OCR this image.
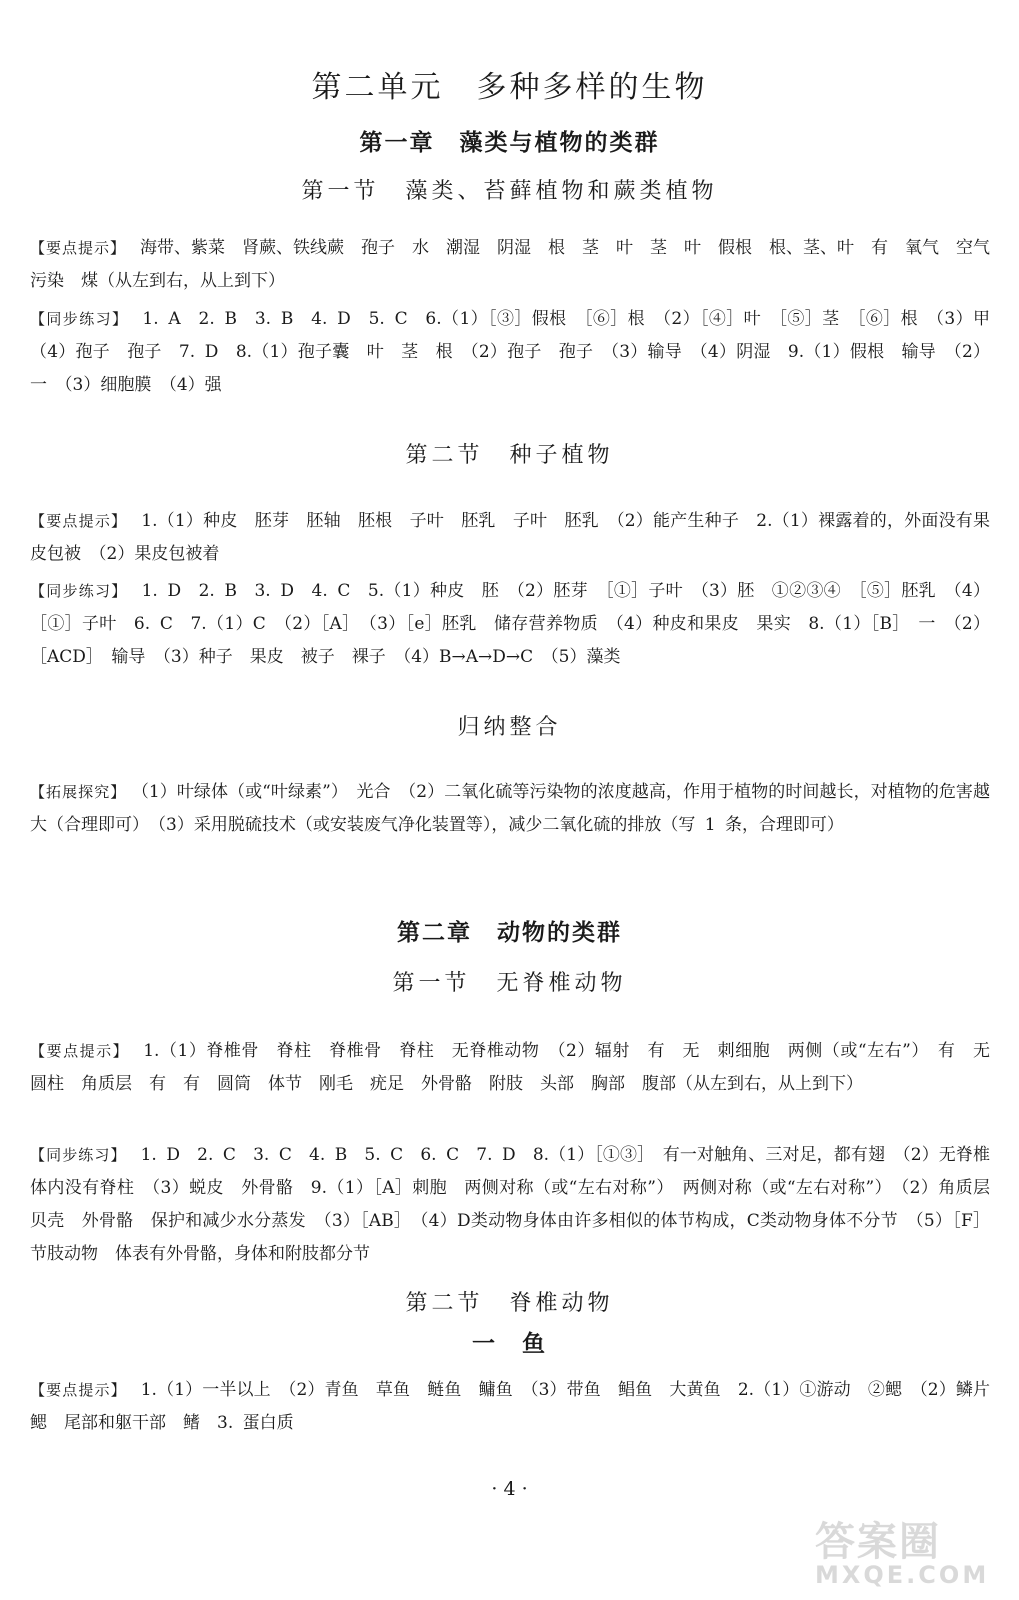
第二单元　多种多样的生物
第一章　藻类与植物的类群
第一节　藻类、苔藓植物和蕨类植物
【要点提示】 海带、紫菜　肾蕨、铁线蕨　孢子　水　潮湿　阴湿　根　茎　叶　茎　叶　假根　根、茎、叶　有　氧气　空气污染　煤（从左到右，从上到下）
【同步练习】 1. A　2. B　3. B　4. D　5. C　6.（1）［③］假根　［⑥］根　（2）［④］叶　［⑤］茎　［⑥］根　（3）甲　（4）孢子　孢子　7. D　8.（1）孢子囊　叶　茎　根　（2）孢子　孢子　（3）输导　（4）阴湿　9.（1）假根　输导　（2）一　（3）细胞膜　（4）强
第二节　种子植物
【要点提示】 1.（1）种皮　胚芽　胚轴　胚根　子叶　胚乳　子叶　胚乳　（2）能产生种子　2.（1）裸露着的，外面没有果皮包被　（2）果皮包被着
【同步练习】 1. D　2. B　3. D　4. C　5.（1）种皮　胚　（2）胚芽　［①］子叶　（3）胚　①②③④　［⑤］胚乳　（4）［①］子叶　6. C　7.（1）C　（2）［A］　（3）［e］胚乳　储存营养物质　（4）种皮和果皮　果实　8.（1）［B］　一　（2）［ACD］　输导　（3）种子　果皮　被子　裸子　（4）B→A→D→C　（5）藻类
归纳整合
【拓展探究】 （1）叶绿体（或“叶绿素”）　光合　（2）二氧化硫等污染物的浓度越高，作用于植物的时间越长，对植物的危害越大（合理即可）　（3）采用脱硫技术（或安装废气净化装置等），减少二氧化硫的排放（写 1 条，合理即可）
第二章　动物的类群
第一节　无脊椎动物
【要点提示】 1.（1）脊椎骨　脊柱　脊椎骨　脊柱　无脊椎动物　（2）辐射　有　无　刺细胞　两侧（或“左右”）　有　无　圆柱　角质层　有　有　圆筒　体节　刚毛　疣足　外骨骼　附肢　头部　胸部　腹部（从左到右，从上到下）
【同步练习】 1. D　2. C　3. C　4. B　5. C　6. C　7. D　8.（1）［①③］　有一对触角、三对足，都有翅　（2）无脊椎　体内没有脊柱　（3）蜕皮　外骨骼　9.（1）［A］刺胞　两侧对称（或“左右对称”）　两侧对称（或“左右对称”）　（2）角质层　贝壳　外骨骼　保护和减少水分蒸发　（3）［AB］　（4）D类动物身体由许多相似的体节构成，C类动物身体不分节　（5）［F］节肢动物　体表有外骨骼，身体和附肢都分节
第二节　脊椎动物
一　鱼
【要点提示】 1.（1）一半以上　（2）青鱼　草鱼　鲢鱼　鳙鱼　（3）带鱼　鲳鱼　大黄鱼　2.（1）①游动　②鳃　（2）鳞片　鳃　尾部和躯干部　鳍　3. 蛋白质
· 4 ·
答案圈
MXQE.COM
